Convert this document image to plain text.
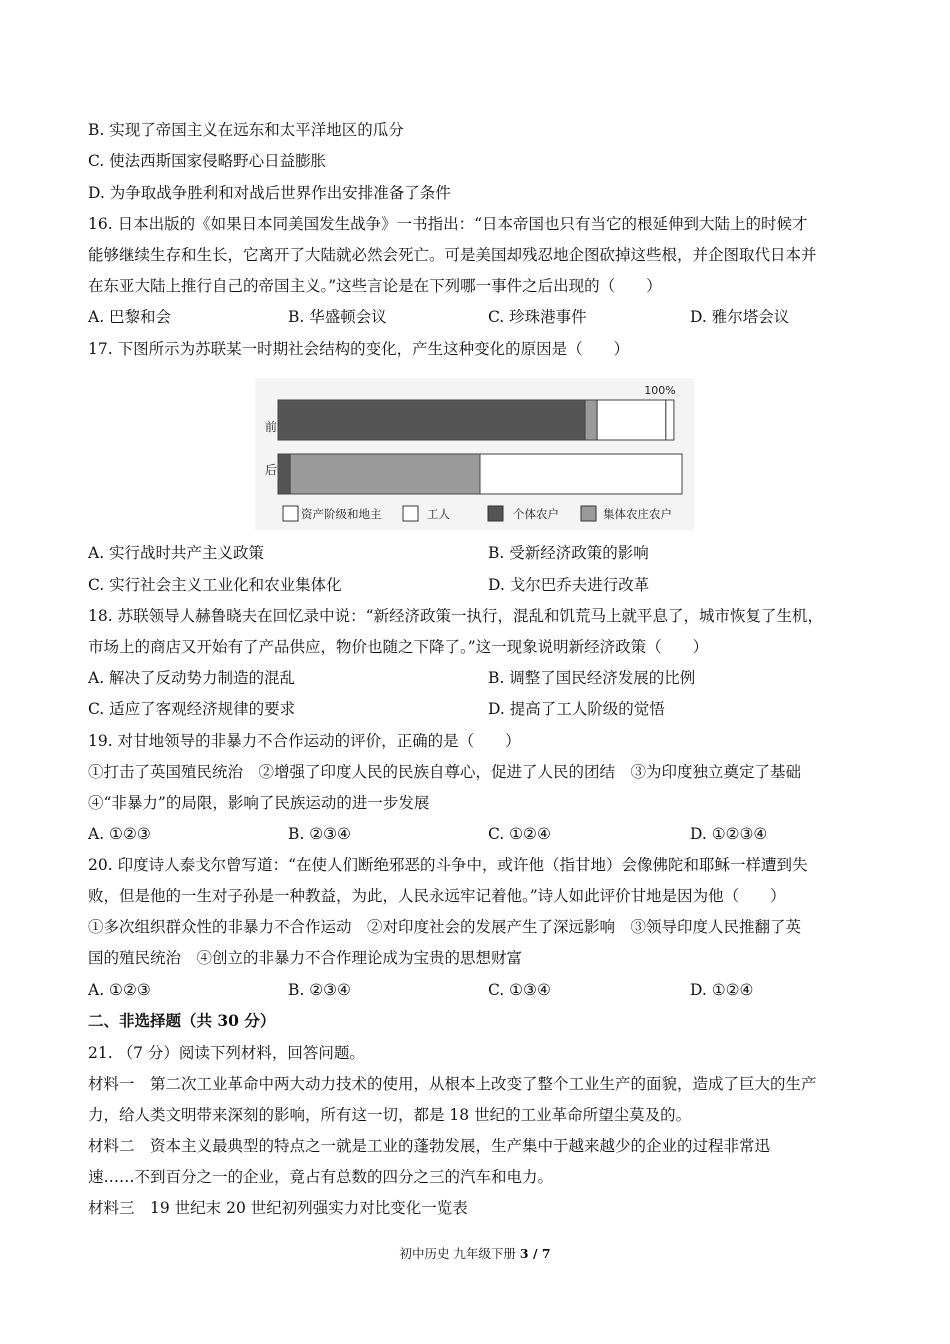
B. 实现了帝国主义在远东和太平洋地区的瓜分
C. 使法西斯国家侵略野心日益膨胀
D. 为争取战争胜利和对战后世界作出安排准备了条件
16. 日本出版的《如果日本同美国发生战争》一书指出：“日本帝国也只有当它的根延伸到大陆上的时候才
能够继续生存和生长，它离开了大陆就必然会死亡。可是美国却残忍地企图砍掉这些根，并企图取代日本并
在东亚大陆上推行自己的帝国主义。”这些言论是在下列哪一事件之后出现的（　　）
A. 巴黎和会	B. 华盛顿会议	C. 珍珠港事件	D. 雅尔塔会议
17. 下图所示为苏联某一时期社会结构的变化，产生这种变化的原因是（　　）
100%
前
后
资产阶级和地主	工人	个体农户	集体农庄农户
A. 实行战时共产主义政策	B. 受新经济政策的影响
C. 实行社会主义工业化和农业集体化	D. 戈尔巴乔夫进行改革
18. 苏联领导人赫鲁晓夫在回忆录中说：“新经济政策一执行，混乱和饥荒马上就平息了，城市恢复了生机，
市场上的商店又开始有了产品供应，物价也随之下降了。”这一现象说明新经济政策（　　）
A. 解决了反动势力制造的混乱	B. 调整了国民经济发展的比例
C. 适应了客观经济规律的要求	D. 提高了工人阶级的觉悟
19. 对甘地领导的非暴力不合作运动的评价，正确的是（　　）
①打击了英国殖民统治　②增强了印度人民的民族自尊心，促进了人民的团结　③为印度独立奠定了基础
④“非暴力”的局限，影响了民族运动的进一步发展
A. ①②③	B. ②③④	C. ①②④	D. ①②③④
20. 印度诗人泰戈尔曾写道：“在使人们断绝邪恶的斗争中，或许他（指甘地）会像佛陀和耶稣一样遭到失
败，但是他的一生对子孙是一种教益，为此，人民永远牢记着他。”诗人如此评价甘地是因为他（　　）
①多次组织群众性的非暴力不合作运动　②对印度社会的发展产生了深远影响　③领导印度人民推翻了英
国的殖民统治　④创立的非暴力不合作理论成为宝贵的思想财富
A. ①②③	B. ②③④	C. ①③④	D. ①②④
二、非选择题（共 30 分）
21. （7 分）阅读下列材料，回答问题。
材料一　第二次工业革命中两大动力技术的使用，从根本上改变了整个工业生产的面貌，造成了巨大的生产
力，给人类文明带来深刻的影响，所有这一切，都是 18 世纪的工业革命所望尘莫及的。
材料二　资本主义最典型的特点之一就是工业的蓬勃发展，生产集中于越来越少的企业的过程非常迅
速……不到百分之一的企业，竟占有总数的四分之三的汽车和电力。
材料三　19 世纪末 20 世纪初列强实力对比变化一览表
初中历史 九年级下册 3 / 7
